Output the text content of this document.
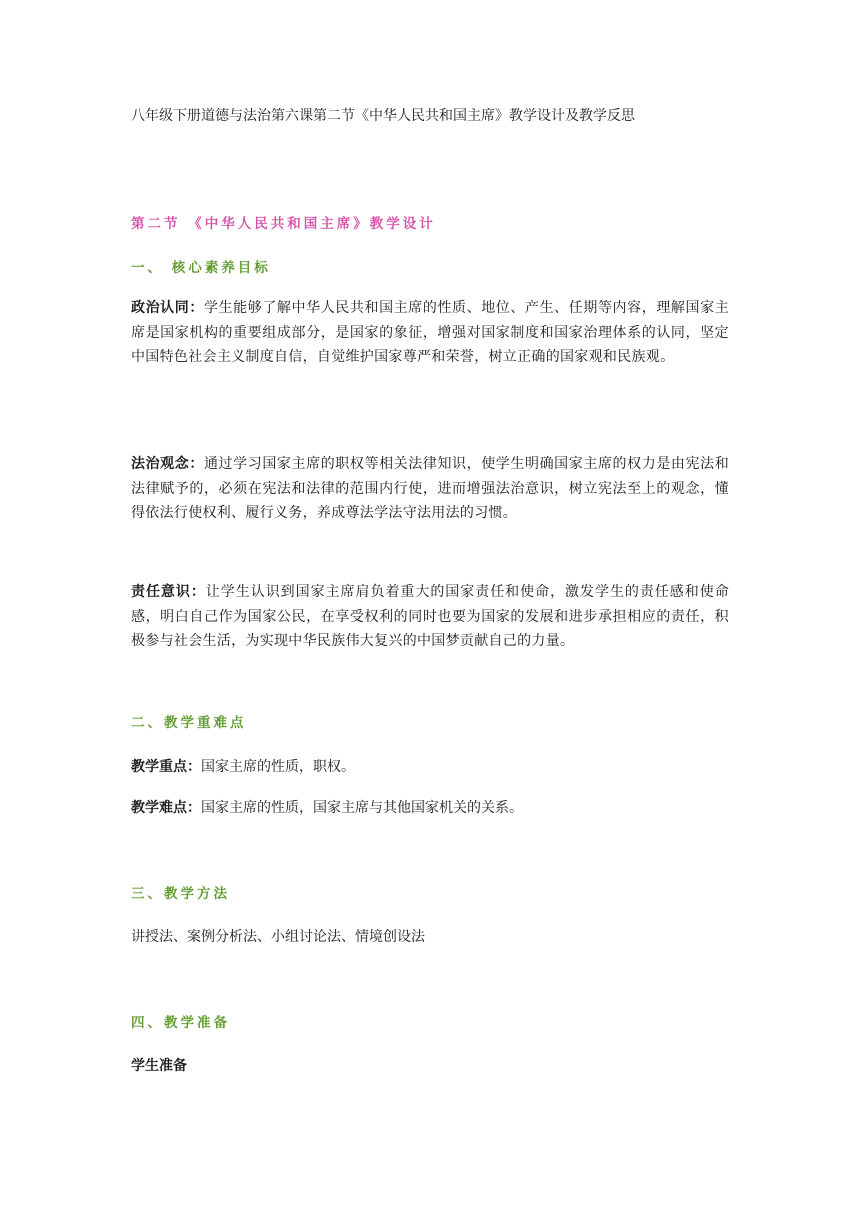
八年级下册道德与法治第六课第二节《中华人民共和国主席》教学设计及教学反思
第二节 《中华人民共和国主席》教学设计
一、 核心素养目标
政治认同：学生能够了解中华人民共和国主席的性质、地位、产生、任期等内容，理解国家主席是国家机构的重要组成部分，是国家的象征，增强对国家制度和国家治理体系的认同，坚定中国特色社会主义制度自信，自觉维护国家尊严和荣誉，树立正确的国家观和民族观。
法治观念：通过学习国家主席的职权等相关法律知识，使学生明确国家主席的权力是由宪法和法律赋予的，必须在宪法和法律的范围内行使，进而增强法治意识，树立宪法至上的观念，懂得依法行使权利、履行义务，养成尊法学法守法用法的习惯。
责任意识：让学生认识到国家主席肩负着重大的国家责任和使命，激发学生的责任感和使命感，明白自己作为国家公民，在享受权利的同时也要为国家的发展和进步承担相应的责任，积极参与社会生活，为实现中华民族伟大复兴的中国梦贡献自己的力量。
二、教学重难点
教学重点：国家主席的性质，职权。
教学难点：国家主席的性质，国家主席与其他国家机关的关系。
三、教学方法
讲授法、案例分析法、小组讨论法、情境创设法
四、教学准备
学生准备
